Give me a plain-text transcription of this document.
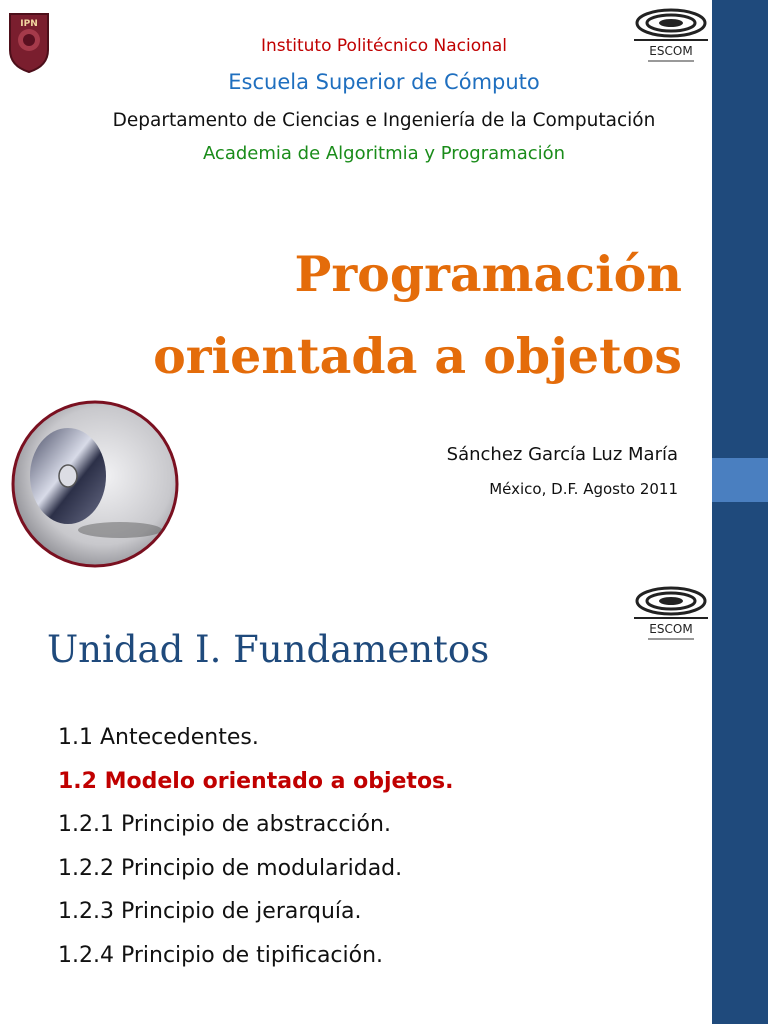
IPN
ESCOM
Instituto Politécnico Nacional
Escuela Superior de Cómputo
Departamento de Ciencias e Ingeniería de la Computación
Academia de Algoritmia y Programación
Programación
orientada a objetos
Sánchez García Luz María
México, D.F. Agosto 2011
ESCOM
Unidad I. Fundamentos
1.1 Antecedentes.
1.2 Modelo orientado a objetos.
1.2.1 Principio de abstracción.
1.2.2 Principio de modularidad.
1.2.3 Principio de jerarquía.
1.2.4 Principio de tipificación.
